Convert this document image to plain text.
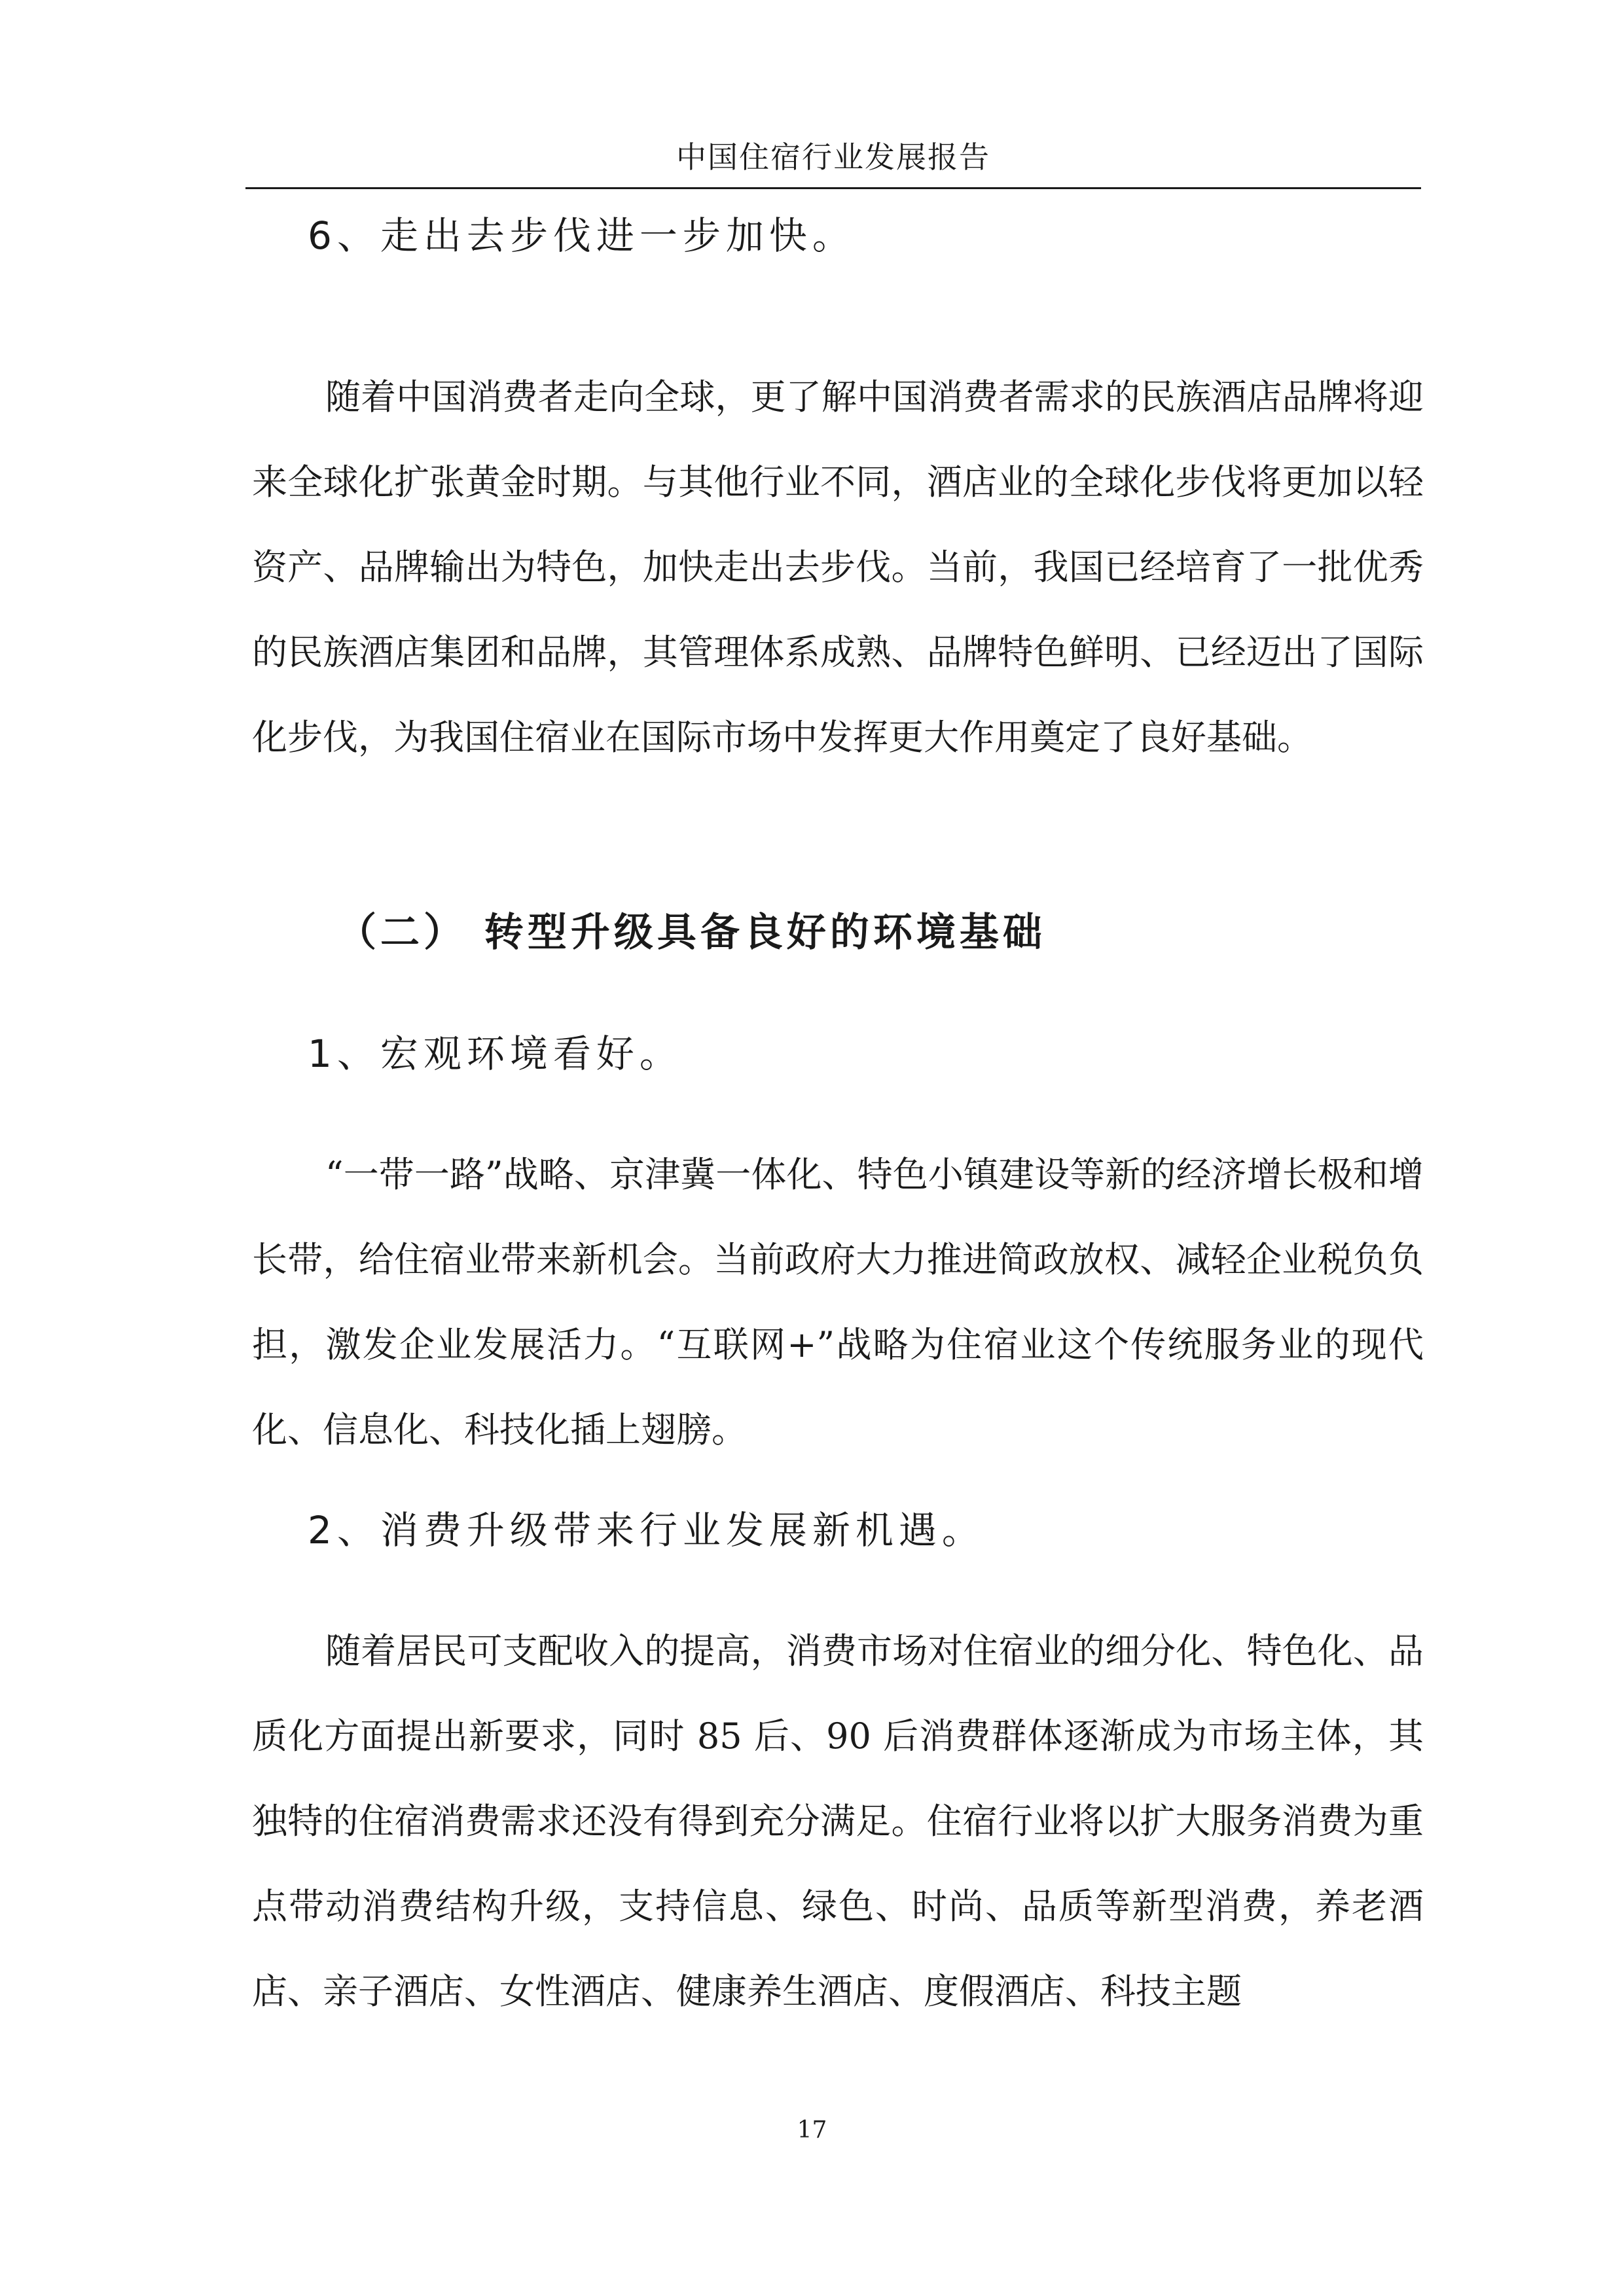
中国住宿行业发展报告
6、走出去步伐进一步加快。

随着中国消费者走向全球，更了解中国消费者需求的民族酒店品牌将迎来全球化扩张黄金时期。与其他行业不同，酒店业的全球化步伐将更加以轻资产、品牌输出为特色，加快走出去步伐。当前，我国已经培育了一批优秀的民族酒店集团和品牌，其管理体系成熟、品牌特色鲜明、已经迈出了国际化步伐，为我国住宿业在国际市场中发挥更大作用奠定了良好基础。

（二） 转型升级具备良好的环境基础
1、宏观环境看好。

“一带一路”战略、京津冀一体化、特色小镇建设等新的经济增长极和增长带，给住宿业带来新机会。当前政府大力推进简政放权、减轻企业税负负担，激发企业发展活力。“互联网+”战略为住宿业这个传统服务业的现代化、信息化、科技化插上翅膀。

2、消费升级带来行业发展新机遇。

随着居民可支配收入的提高，消费市场对住宿业的细分化、特色化、品质化方面提出新要求，同时 85 后、90 后消费群体逐渐成为市场主体，其独特的住宿消费需求还没有得到充分满足。住宿行业将以扩大服务消费为重点带动消费结构升级，支持信息、绿色、时尚、品质等新型消费，养老酒店、亲子酒店、女性酒店、健康养生酒店、度假酒店、科技主题

17
